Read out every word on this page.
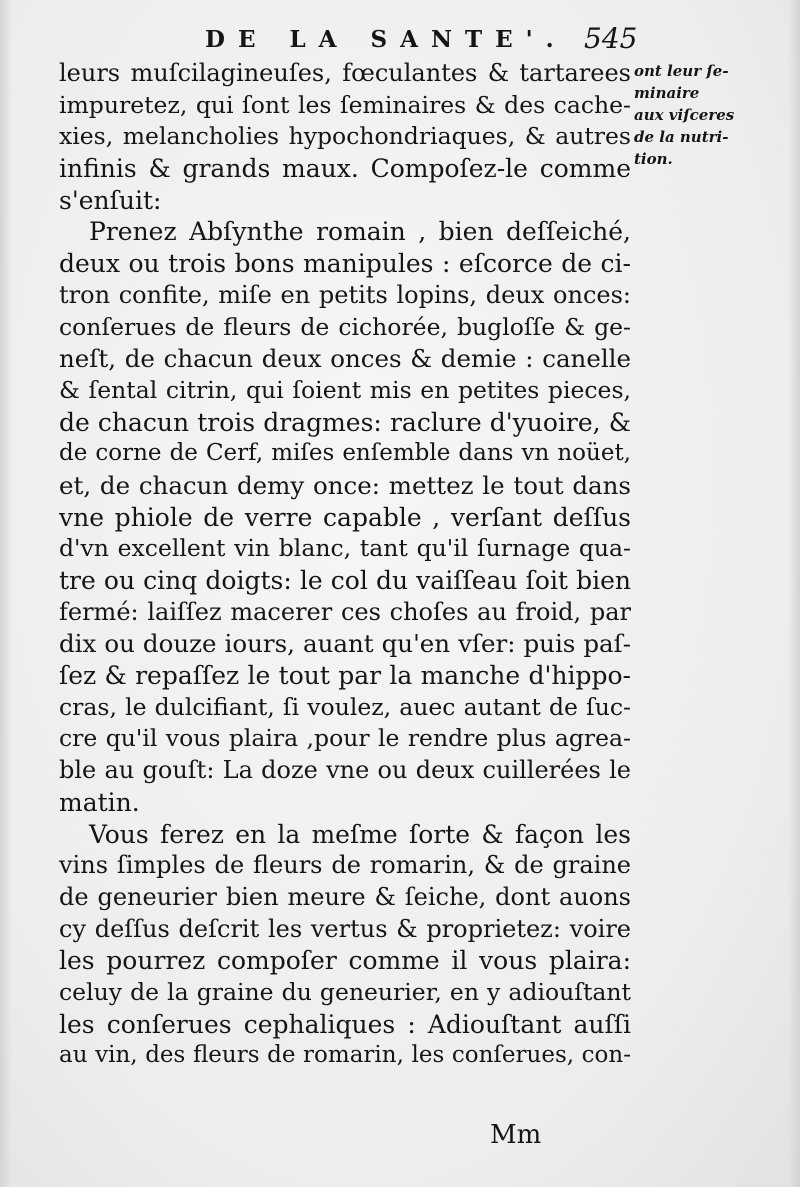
DE LA SANTE'. 545
leurs muſcilagineuſes, fœculantes & tartarees
impuretez, qui ſont les ſeminaires & des cache-
xies, melancholies hypochondriaques, & autres
infinis & grands maux. Compoſez-le comme
s'enſuit:
Prenez Abſynthe romain , bien deſſeiché,
deux ou trois bons manipules : eſcorce de ci-
tron confite, miſe en petits lopins, deux onces:
conſerues de fleurs de cichorée, bugloſſe & ge-
neſt, de chacun deux onces & demie : canelle
& ſental citrin, qui ſoient mis en petites pieces,
de chacun trois dragmes: raclure d'yuoire, &
de corne de Cerf, miſes enſemble dans vn noüet,
et, de chacun demy once: mettez le tout dans
vne phiole de verre capable , verſant deſſus
d'vn excellent vin blanc, tant qu'il ſurnage qua-
tre ou cinq doigts: le col du vaiſſeau ſoit bien
fermé: laiſſez macerer ces choſes au froid, par
dix ou douze iours, auant qu'en vſer: puis paſ-
ſez & repaſſez le tout par la manche d'hippo-
cras, le dulcifiant, ſi voulez, auec autant de ſuc-
cre qu'il vous plaira ,pour le rendre plus agrea-
ble au gouſt: La doze vne ou deux cuillerées le
matin.
Vous ferez en la meſme ſorte & façon les
vins ſimples de fleurs de romarin, & de graine
de geneurier bien meure & ſeiche, dont auons
cy deſſus deſcrit les vertus & proprietez: voire
les pourrez compoſer comme il vous plaira:
celuy de la graine du geneurier, en y adiouſtant
les conſerues cephaliques : Adiouſtant auſſi
au vin, des fleurs de romarin, les conſerues, con-
ont leur ſe-
minaire
aux viſceres
de la nutri-
tion.
Mm
